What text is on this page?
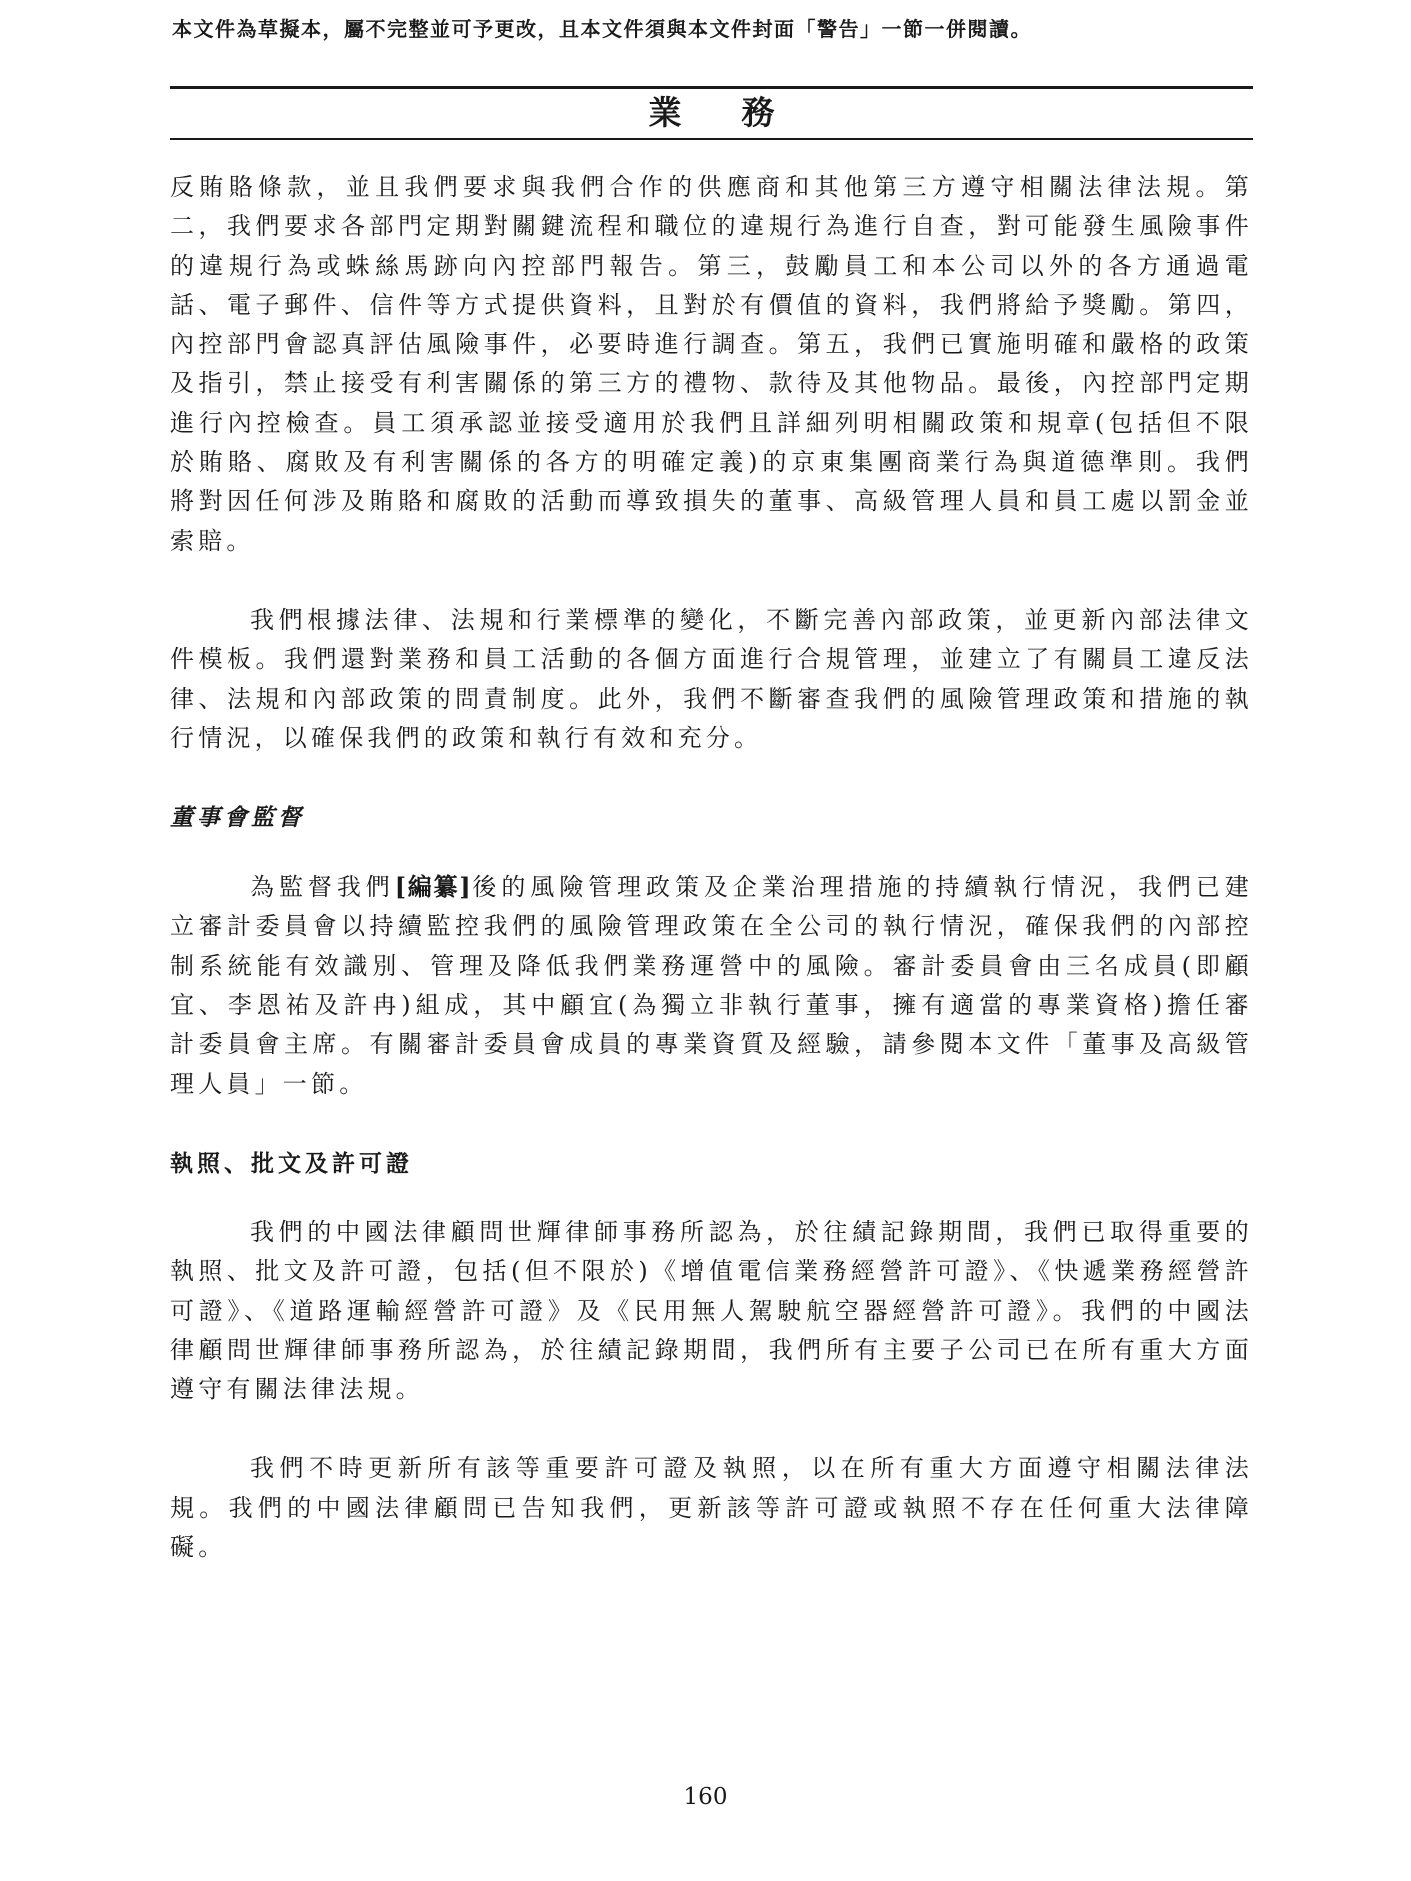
本文件為草擬本，屬不完整並可予更改，且本文件須與本文件封面「警告」一節一併閱讀。
業務

反賄賂條款，並且我們要求與我們合作的供應商和其他第三方遵守相關法律法規。第二，我們要求各部門定期對關鍵流程和職位的違規行為進行自查，對可能發生風險事件的違規行為或蛛絲馬跡向內控部門報告。第三，鼓勵員工和本公司以外的各方通過電話、電子郵件、信件等方式提供資料，且對於有價值的資料，我們將給予獎勵。第四，內控部門會認真評估風險事件，必要時進行調查。第五，我們已實施明確和嚴格的政策及指引，禁止接受有利害關係的第三方的禮物、款待及其他物品。最後，內控部門定期進行內控檢查。員工須承認並接受適用於我們且詳細列明相關政策和規章(包括但不限於賄賂、腐敗及有利害關係的各方的明確定義)的京東集團商業行為與道德準則。我們將對因任何涉及賄賂和腐敗的活動而導致損失的董事、高級管理人員和員工處以罰金並索賠。

我們根據法律、法規和行業標準的變化，不斷完善內部政策，並更新內部法律文件模板。我們還對業務和員工活動的各個方面進行合規管理，並建立了有關員工違反法律、法規和內部政策的問責制度。此外，我們不斷審查我們的風險管理政策和措施的執行情況，以確保我們的政策和執行有效和充分。

董事會監督

為監督我們[編纂]後的風險管理政策及企業治理措施的持續執行情況，我們已建立審計委員會以持續監控我們的風險管理政策在全公司的執行情況，確保我們的內部控制系統能有效識別、管理及降低我們業務運營中的風險。審計委員會由三名成員(即顧宜、李恩祐及許冉)組成，其中顧宜(為獨立非執行董事，擁有適當的專業資格)擔任審計委員會主席。有關審計委員會成員的專業資質及經驗，請參閱本文件「董事及高級管理人員」一節。

執照、批文及許可證

我們的中國法律顧問世輝律師事務所認為，於往績記錄期間，我們已取得重要的執照、批文及許可證，包括(但不限於)《增值電信業務經營許可證》、《快遞業務經營許可證》、《道路運輸經營許可證》及《民用無人駕駛航空器經營許可證》。我們的中國法律顧問世輝律師事務所認為，於往績記錄期間，我們所有主要子公司已在所有重大方面遵守有關法律法規。

我們不時更新所有該等重要許可證及執照，以在所有重大方面遵守相關法律法規。我們的中國法律顧問已告知我們，更新該等許可證或執照不存在任何重大法律障礙。

160
